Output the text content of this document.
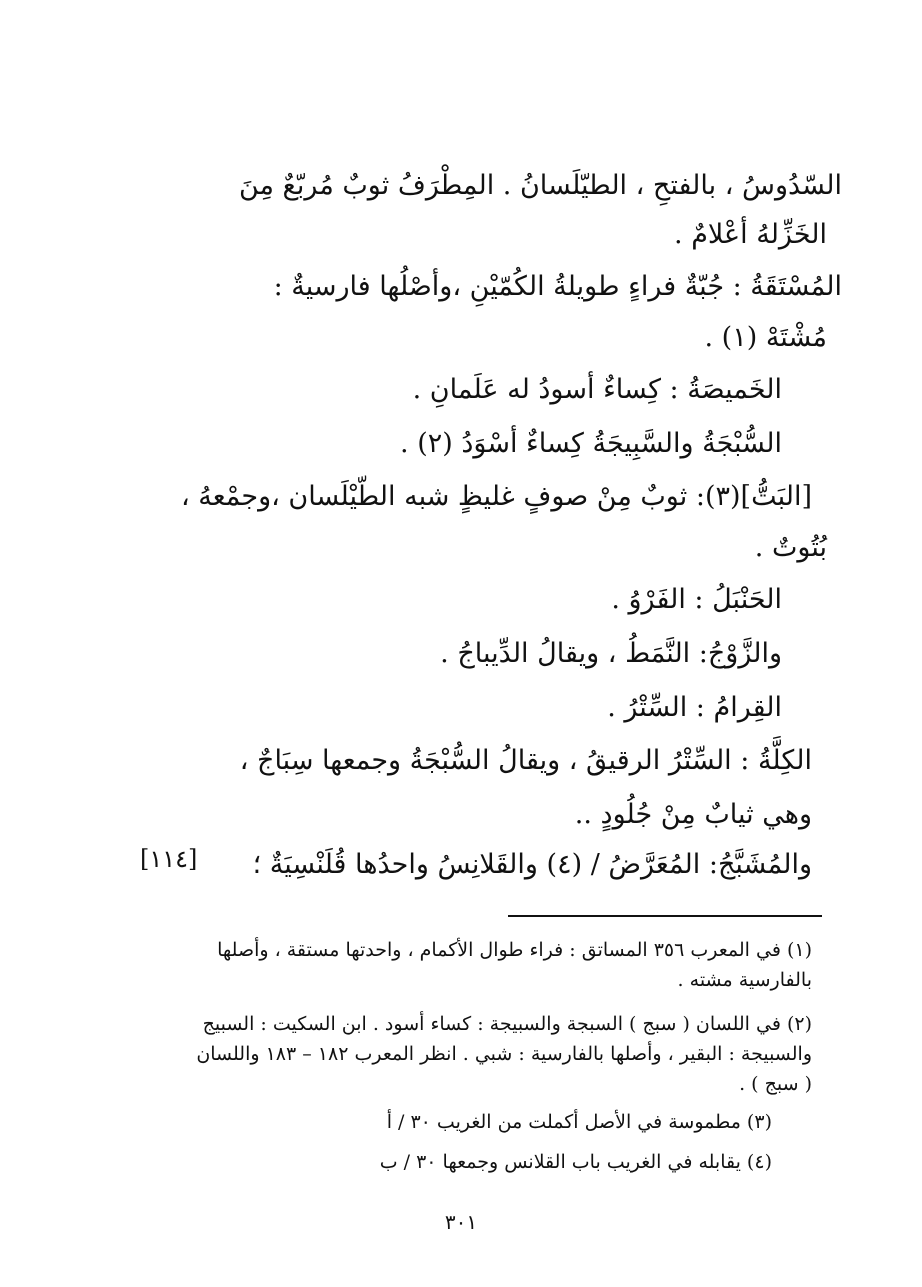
السّدُوسُ ، بالفتحِ ، الطيّلَسانُ . المِطْرَفُ ثوبٌ مُربّعٌ مِنَ
الخَزِّلهُ أعْلامٌ .
المُسْتَقَةُ : جُبّةٌ فراءٍ طويلةُ الكُمّيْنِ ،وأصْلُها فارسيةٌ :
مُشْتَهْ (١) .
الخَميصَةُ : كِساءٌ أسودُ له عَلَمانِ .
السُّبْجَةُ والسَّبِيجَةُ كِساءٌ أسْوَدُ (٢) .
[البَتُّ](٣): ثوبٌ مِنْ صوفٍ غليظٍ شبه الطّيْلَسان ،وجمْعهُ ،
بُتُوتٌ .
الحَنْبَلُ : الفَرْوُ .
والزَّوْجُ: النَّمَطُ ، ويقالُ الدِّيباجُ .
القِرامُ : السِّتْرُ .
الكِلَّةُ : السِّتْرُ الرقيقُ ، ويقالُ السُّبْجَةُ وجمعها سِبَاجٌ ،
وهي ثيابٌ مِنْ جُلُودٍ ..
والمُشَبَّجُ: المُعَرَّضُ / (٤) والقَلانِسُ واحدُها قُلَنْسِيَةٌ ؛
[١١٤]
(١) في المعرب ٣٥٦ المساتق : فراء طوال الأكمام ، واحدتها مستقة ، وأصلها
بالفارسية مشته .
(٢) في اللسان ( سبج ) السبجة والسبيجة : كساء أسود . ابن السكيت : السبيج
والسبيجة : البقير ، وأصلها بالفارسية : شبي . انظر المعرب ١٨٢ – ١٨٣ واللسان
( سبج ) .
(٣) مطموسة في الأصل أكملت من الغريب ٣٠ / أ
(٤) يقابله في الغريب باب القلانس وجمعها ٣٠ / ب
٣٠١
